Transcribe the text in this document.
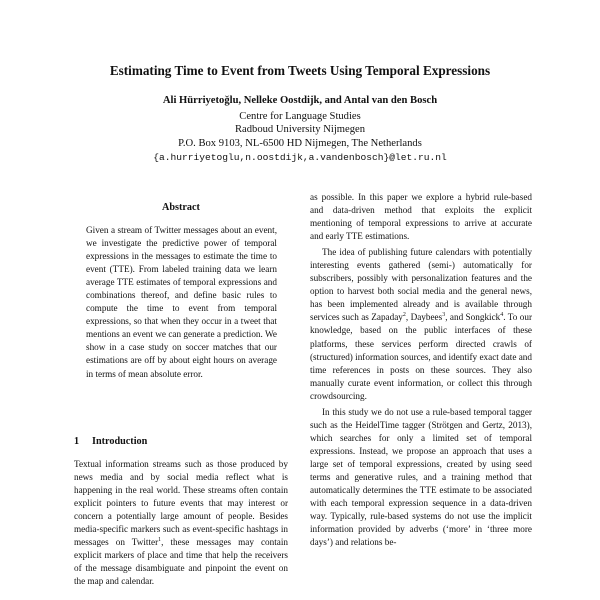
Estimating Time to Event from Tweets Using Temporal Expressions
Ali Hürriyetoğlu, Nelleke Oostdijk, and Antal van den Bosch
Centre for Language Studies
Radboud University Nijmegen
P.O. Box 9103, NL-6500 HD Nijmegen, The Netherlands
{a.hurriyetoglu,n.oostdijk,a.vandenbosch}@let.ru.nl
Abstract
Given a stream of Twitter messages about an event, we investigate the predictive power of temporal expressions in the messages to estimate the time to event (TTE). From labeled training data we learn average TTE estimates of temporal expressions and combinations thereof, and define basic rules to compute the time to event from temporal expressions, so that when they occur in a tweet that mentions an event we can generate a prediction. We show in a case study on soccer matches that our estimations are off by about eight hours on average in terms of mean absolute error.
1 Introduction

Textual information streams such as those produced by news media and by social media reflect what is happening in the real world. These streams often contain explicit pointers to future events that may interest or concern a potentially large amount of people. Besides media-specific markers such as event-specific hashtags in messages on Twitter$^1$, these messages may contain explicit markers of place and time that help the receivers of the message disambiguate and pinpoint the event on the map and calendar.

as possible. In this paper we explore a hybrid rule-based and data-driven method that exploits the explicit mentioning of temporal expressions to arrive at accurate and early TTE estimations.

The idea of publishing future calendars with potentially interesting events gathered (semi-) automatically for subscribers, possibly with personalization features and the option to harvest both social media and the general news, has been implemented already and is available through services such as Zapaday$^2$, Daybees$^3$, and Songkick$^4$. To our knowledge, based on the public interfaces of these platforms, these services perform directed crawls of (structured) information sources, and identify exact date and time references in posts on these sources. They also manually curate event information, or collect this through crowdsourcing.

In this study we do not use a rule-based temporal tagger such as the HeidelTime tagger (Strötgen and Gertz, 2013), which searches for only a limited set of temporal expressions. Instead, we propose an approach that uses a large set of temporal expressions, created by using seed terms and generative rules, and a training method that automatically determines the TTE estimate to be associated with each temporal expression sequence in a data-driven way. Typically, rule-based systems do not use the implicit information provided by adverbs (‘more’ in ‘three more days’) and relations be-
